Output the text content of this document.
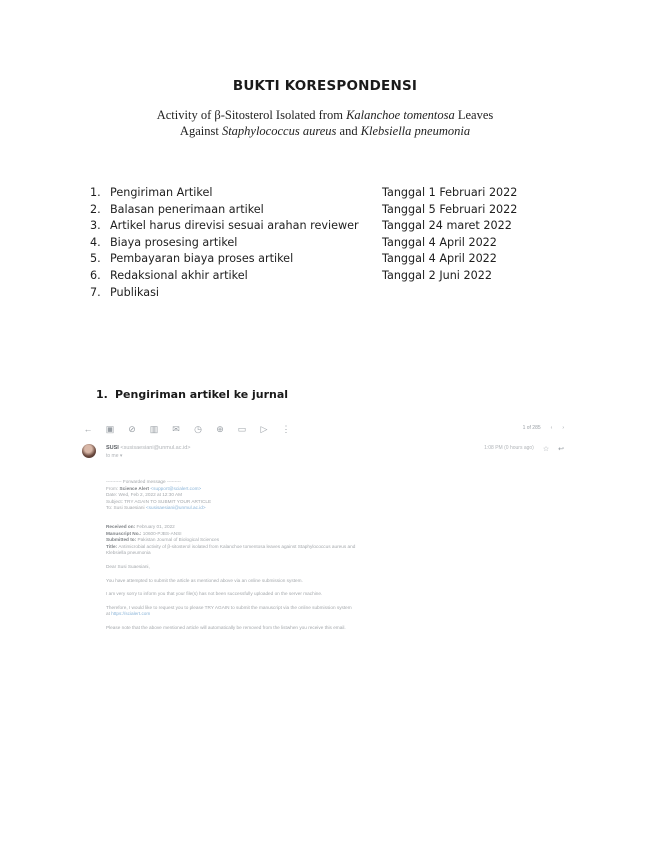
BUKTI KORESPONDENSI
Activity of β-Sitosterol Isolated from Kalanchoe tomentosa Leaves Against Staphylococcus aureus and Klebsiella pneumonia
1. Pengiriman Artikel	Tanggal 1 Februari 2022
2. Balasan penerimaan artikel	Tanggal 5 Februari 2022
3. Artikel harus direvisi sesuai arahan reviewer	Tanggal 24 maret 2022
4. Biaya prosesing artikel	Tanggal 4 April 2022
5. Pembayaran biaya proses artikel	Tanggal 4 April 2022
6. Redaksional akhir artikel	Tanggal 2 Juni 2022
7. Publikasi
1. Pengiriman artikel ke jurnal
← ▣ ⊘ ▥ ✉ ◷ ⊕ ▭ ▷ ⋮	1 of 285 ‹ ›
SUSI <susisaesiani@unmul.ac.id>
to me ▾
1:08 PM (0 hours ago) ☆ ↩

---------- Forwarded message ---------

From: Science Alert <support@scialert.com>

Date: Wed, Feb 2, 2022 at 12:30 AM

Subject: TRY AGAIN TO SUBMIT YOUR ARTICLE

To: Susi Suaesiani <susisaesiani@unmul.ac.id>

Received on: February 01, 2022

Manuscript No.: 10600-PJBS-ANSI

Submitted to: Pakistan Journal of Biological Sciences

Title: Antimicrobial activity of β-sitosterol isolated from Kalanchoe tomentosa leaves against Staphylococcus aureus and Klebsiella pneumonia

Dear Susi Suaesiani,

You have attempted to submit the article as mentioned above via an online submission system.

I am very sorry to inform you that your file(s) has not been successfully uploaded on the server machine.

Therefore, I would like to request you to please TRY AGAIN to submit the manuscript via the online submission system at https://scialert.com

Please note that the above mentioned article will automatically be removed from the listwhen you receive this email.
